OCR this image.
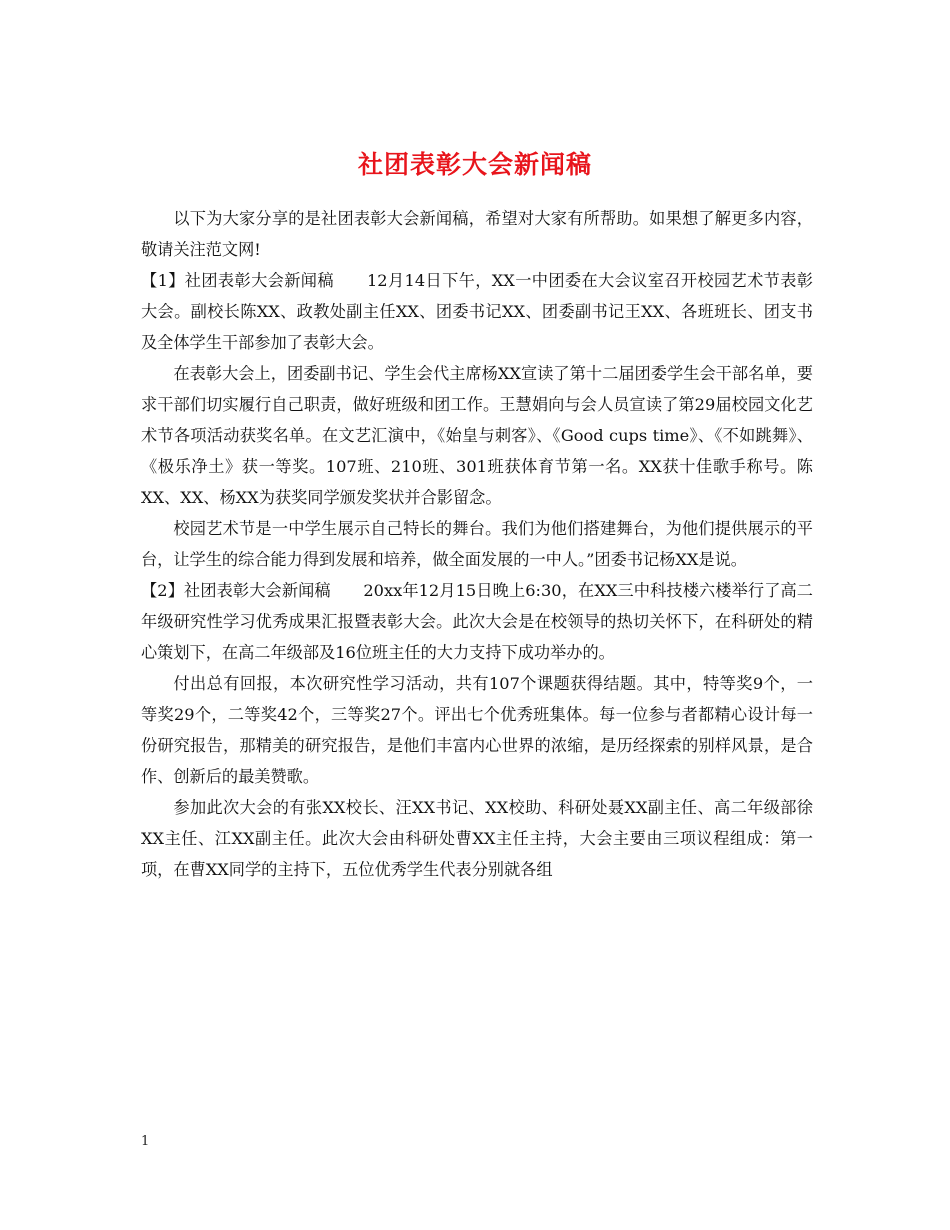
社团表彰大会新闻稿

以下为大家分享的是社团表彰大会新闻稿，希望对大家有所帮助。如果想了解更多内容，敬请关注范文网!

【1】社团表彰大会新闻稿　　12月14日下午，XX一中团委在大会议室召开校园艺术节表彰大会。副校长陈XX、政教处副主任XX、团委书记XX、团委副书记王XX、各班班长、团支书及全体学生干部参加了表彰大会。

在表彰大会上，团委副书记、学生会代主席杨XX宣读了第十二届团委学生会干部名单，要求干部们切实履行自己职责，做好班级和团工作。王慧娟向与会人员宣读了第29届校园文化艺术节各项活动获奖名单。在文艺汇演中，《始皇与刺客》、《Good cups time》、《不如跳舞》、《极乐净土》获一等奖。107班、210班、301班获体育节第一名。XX获十佳歌手称号。陈XX、XX、杨XX为获奖同学颁发奖状并合影留念。

校园艺术节是一中学生展示自己特长的舞台。我们为他们搭建舞台，为他们提供展示的平台，让学生的综合能力得到发展和培养，做全面发展的一中人。”团委书记杨XX是说。

【2】社团表彰大会新闻稿　　20xx年12月15日晚上6:30，在XX三中科技楼六楼举行了高二年级研究性学习优秀成果汇报暨表彰大会。此次大会是在校领导的热切关怀下，在科研处的精心策划下，在高二年级部及16位班主任的大力支持下成功举办的。

付出总有回报，本次研究性学习活动，共有107个课题获得结题。其中，特等奖9个，一等奖29个，二等奖42个，三等奖27个。评出七个优秀班集体。每一位参与者都精心设计每一份研究报告，那精美的研究报告，是他们丰富内心世界的浓缩，是历经探索的别样风景，是合作、创新后的最美赞歌。

参加此次大会的有张XX校长、汪XX书记、XX校助、科研处聂XX副主任、高二年级部徐XX主任、江XX副主任。此次大会由科研处曹XX主任主持，大会主要由三项议程组成：第一项，在曹XX同学的主持下，五位优秀学生代表分别就各组

1
